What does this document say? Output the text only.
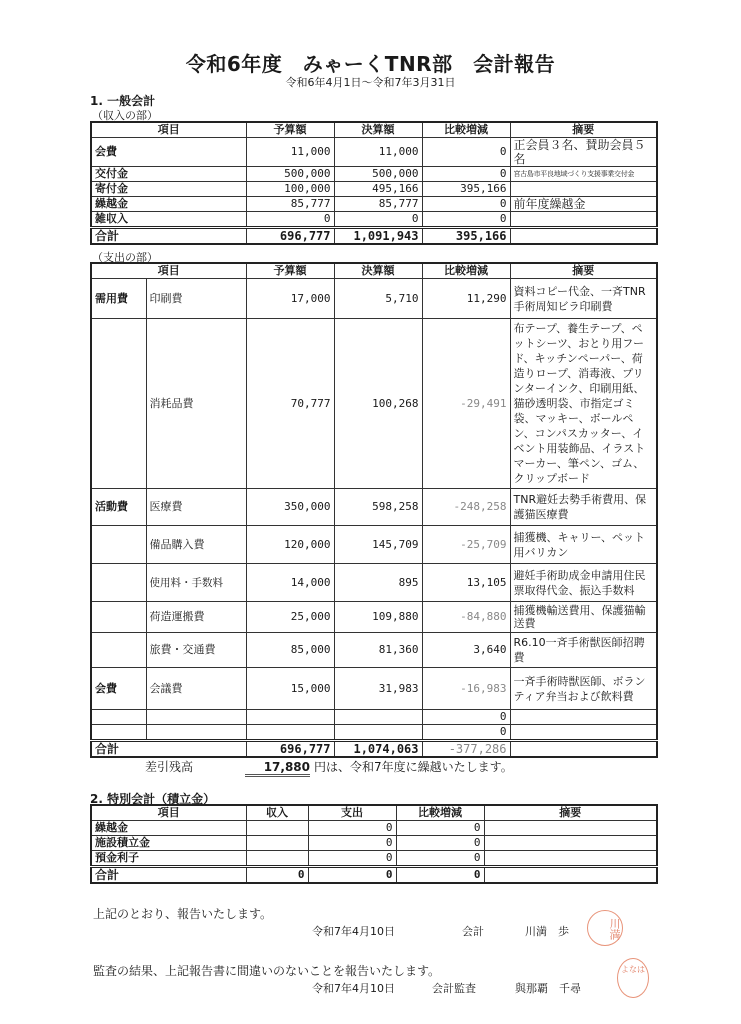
令和6年度　みゃーくTNR部　会計報告
令和6年4月1日～令和7年3月31日
1. 一般会計
（収入の部）
項目	予算額	決算額	比較増減	摘要
会費	11,000	11,000	0	正会員３名、賛助会員５名
交付金	500,000	500,000	0	宮古島市平良地域づくり支援事業交付金
寄付金	100,000	495,166	395,166	
繰越金	85,777	85,777	0	前年度繰越金
雑収入	0	0	0	
合計	696,777	1,091,943	395,166	
（支出の部）
項目		予算額	決算額	比較増減	摘要
需用費	印刷費	17,000	5,710	11,290	資料コピー代金、一斉TNR手術周知ビラ印刷費
	消耗品費	70,777	100,268	-29,491	布テープ、養生テープ、ペットシーツ、おとり用フード、キッチンペーパー、荷造りロープ、消毒液、プリンターインク、印刷用紙、猫砂透明袋、市指定ゴミ袋、マッキー、ボールペン、コンパスカッター、イベント用装飾品、イラストマーカー、筆ペン、ゴム、クリップボード
活動費	医療費	350,000	598,258	-248,258	TNR避妊去勢手術費用、保護猫医療費
	備品購入費	120,000	145,709	-25,709	捕獲機、キャリー、ペット用バリカン
	使用料・手数料	14,000	895	13,105	避妊手術助成金申請用住民票取得代金、振込手数料
	荷造運搬費	25,000	109,880	-84,880	捕獲機輸送費用、保護猫輸送費
	旅費・交通費	85,000	81,360	3,640	R6.10一斉手術獣医師招聘費
会費	会議費	15,000	31,983	-16,983	一斉手術時獣医師、ボランティア弁当および飲料費
				0	
				0	
合計		696,777	1,074,063	-377,286	
差引残高	17,880 円は、令和7年度に繰越いたします。
2. 特別会計（積立金）
項目	収入	支出	比較増減	摘要
繰越金		0	0	
施設積立金		0	0	
預金利子		0	0	
合計	0	0	0	
上記のとおり、報告いたします。
令和7年4月10日	会計	川満　歩	川満
監査の結果、上記報告書に間違いのないことを報告いたします。
令和7年4月10日	会計監査	與那覇　千尋
よなは
